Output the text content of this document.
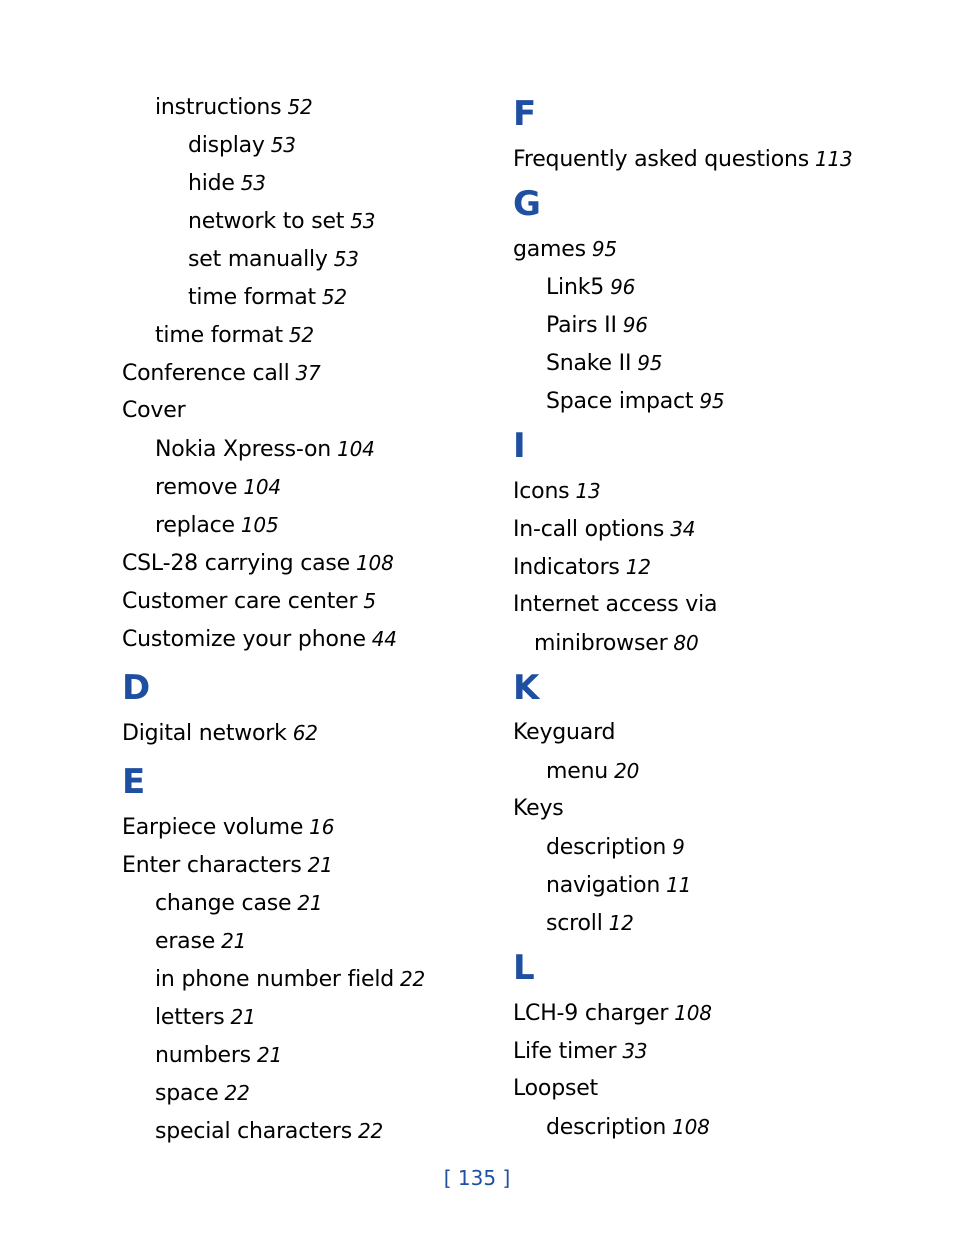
instructions 52
display 53
hide 53
network to set 53
set manually 53
time format 52
time format 52
Conference call 37
Cover
Nokia Xpress-on 104
remove 104
replace 105
CSL-28 carrying case 108
Customer care center 5
Customize your phone 44
D
Digital network 62
E
Earpiece volume 16
Enter characters 21
change case 21
erase 21
in phone number field 22
letters 21
numbers 21
space 22
special characters 22
F
Frequently asked questions 113
G
games 95
Link5 96
Pairs II 96
Snake II 95
Space impact 95
I
Icons 13
In-call options 34
Indicators 12
Internet access via
minibrowser 80
K
Keyguard
menu 20
Keys
description 9
navigation 11
scroll 12
L
LCH-9 charger 108
Life timer 33
Loopset
description 108
[ 135 ]
